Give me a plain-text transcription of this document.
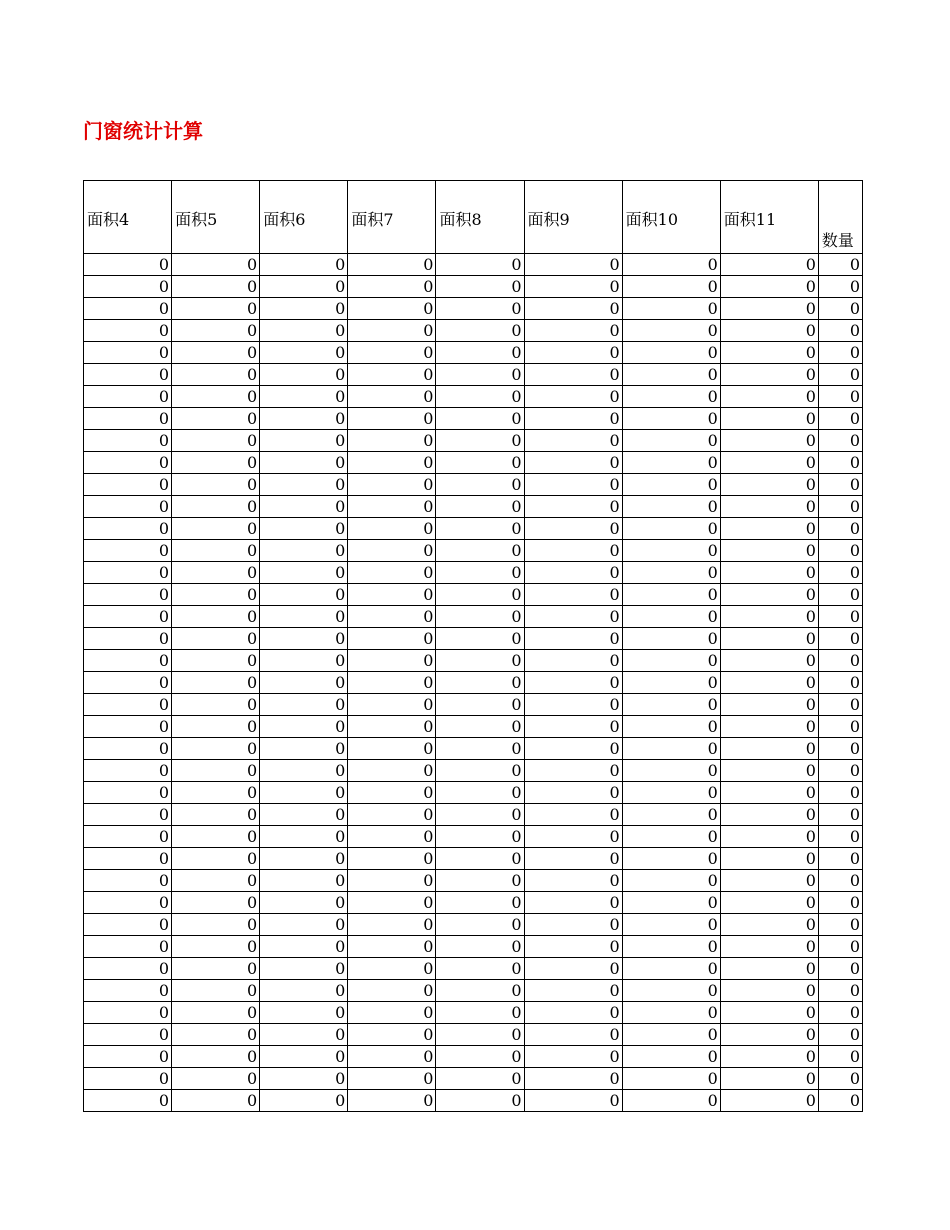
门窗统计计算
面积4	面积5	面积6	面积7	面积8	面积9	面积10	面积11	数量
0	0	0	0	0	0	0	0	0
0	0	0	0	0	0	0	0	0
0	0	0	0	0	0	0	0	0
0	0	0	0	0	0	0	0	0
0	0	0	0	0	0	0	0	0
0	0	0	0	0	0	0	0	0
0	0	0	0	0	0	0	0	0
0	0	0	0	0	0	0	0	0
0	0	0	0	0	0	0	0	0
0	0	0	0	0	0	0	0	0
0	0	0	0	0	0	0	0	0
0	0	0	0	0	0	0	0	0
0	0	0	0	0	0	0	0	0
0	0	0	0	0	0	0	0	0
0	0	0	0	0	0	0	0	0
0	0	0	0	0	0	0	0	0
0	0	0	0	0	0	0	0	0
0	0	0	0	0	0	0	0	0
0	0	0	0	0	0	0	0	0
0	0	0	0	0	0	0	0	0
0	0	0	0	0	0	0	0	0
0	0	0	0	0	0	0	0	0
0	0	0	0	0	0	0	0	0
0	0	0	0	0	0	0	0	0
0	0	0	0	0	0	0	0	0
0	0	0	0	0	0	0	0	0
0	0	0	0	0	0	0	0	0
0	0	0	0	0	0	0	0	0
0	0	0	0	0	0	0	0	0
0	0	0	0	0	0	0	0	0
0	0	0	0	0	0	0	0	0
0	0	0	0	0	0	0	0	0
0	0	0	0	0	0	0	0	0
0	0	0	0	0	0	0	0	0
0	0	0	0	0	0	0	0	0
0	0	0	0	0	0	0	0	0
0	0	0	0	0	0	0	0	0
0	0	0	0	0	0	0	0	0
0	0	0	0	0	0	0	0	0
